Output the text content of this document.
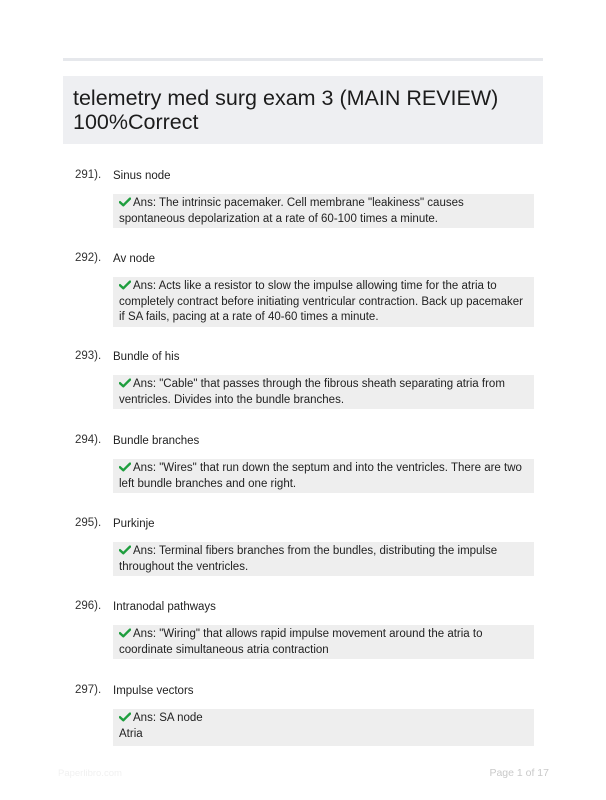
telemetry med surg exam 3 (MAIN REVIEW) 100%Correct
291). Sinus node
Ans: The intrinsic pacemaker. Cell membrane "leakiness" causes spontaneous depolarization at a rate of 60-100 times a minute.
292). Av node
Ans: Acts like a resistor to slow the impulse allowing time for the atria to completely contract before initiating ventricular contraction. Back up pacemaker if SA fails, pacing at a rate of 40-60 times a minute.
293). Bundle of his
Ans: "Cable" that passes through the fibrous sheath separating atria from ventricles. Divides into the bundle branches.
294). Bundle branches
Ans: "Wires" that run down the septum and into the ventricles. There are two left bundle branches and one right.
295). Purkinje
Ans: Terminal fibers branches from the bundles, distributing the impulse throughout the ventricles.
296). Intranodal pathways
Ans: "Wiring" that allows rapid impulse movement around the atria to coordinate simultaneous atria contraction
297). Impulse vectors
Ans: SA node
Atria
Paperlibro.com	Page 1 of 17
